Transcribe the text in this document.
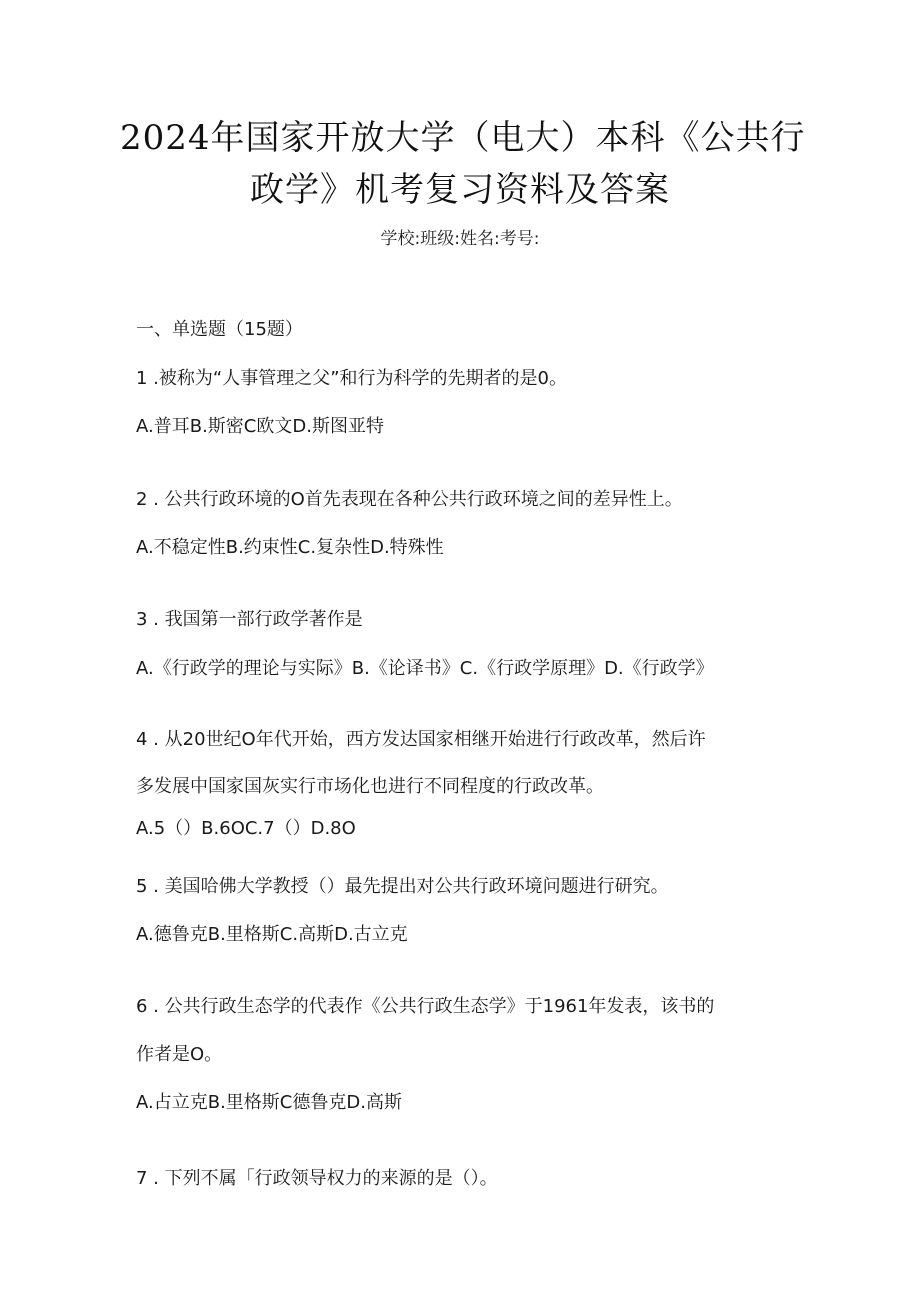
2024年国家开放大学（电大）本科《公共行
政学》机考复习资料及答案
学校:班级:姓名:考号:
一、单选题（15题）
1 .被称为“人事管理之父”和行为科学的先期者的是0。
A.普耳B.斯密C欧文D.斯图亚特
2 . 公共行政环境的O首先表现在各种公共行政环境之间的差异性上。
A.不稳定性B.约束性C.复杂性D.特殊性
3 . 我国第一部行政学著作是
A.《行政学的理论与实际》B.《论译书》C.《行政学原理》D.《行政学》
4 . 从20世纪O年代开始，西方发达国家相继开始进行行政改革，然后许
多发展中国家国灰实行市场化也进行不同程度的行政改革。
A.5（）B.6OC.7（）D.8O
5 . 美国哈佛大学教授（）最先提出对公共行政环境问题进行研究。
A.德鲁克B.里格斯C.高斯D.古立克
6 . 公共行政生态学的代表作《公共行政生态学》于1961年发表，该书的
作者是O。
A.占立克B.里格斯C德鲁克D.高斯
7 . 下列不属「行政领导权力的来源的是（）。
